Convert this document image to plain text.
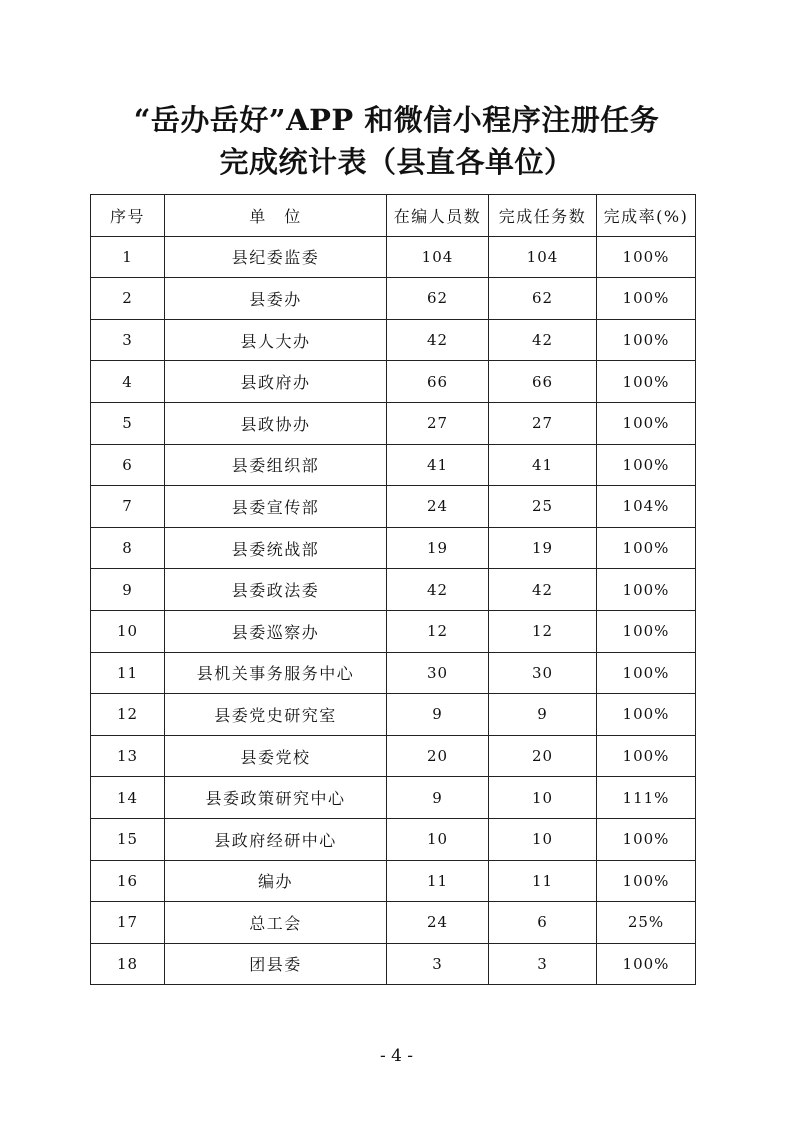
“岳办岳好”APP 和微信小程序注册任务
完成统计表（县直各单位）
序号	单　位	在编人员数	完成任务数	完成率(%)
1	县纪委监委	104	104	100%
2	县委办	62	62	100%
3	县人大办	42	42	100%
4	县政府办	66	66	100%
5	县政协办	27	27	100%
6	县委组织部	41	41	100%
7	县委宣传部	24	25	104%
8	县委统战部	19	19	100%
9	县委政法委	42	42	100%
10	县委巡察办	12	12	100%
11	县机关事务服务中心	30	30	100%
12	县委党史研究室	9	9	100%
13	县委党校	20	20	100%
14	县委政策研究中心	9	10	111%
15	县政府经研中心	10	10	100%
16	编办	11	11	100%
17	总工会	24	6	25%
18	团县委	3	3	100%
- 4 -
